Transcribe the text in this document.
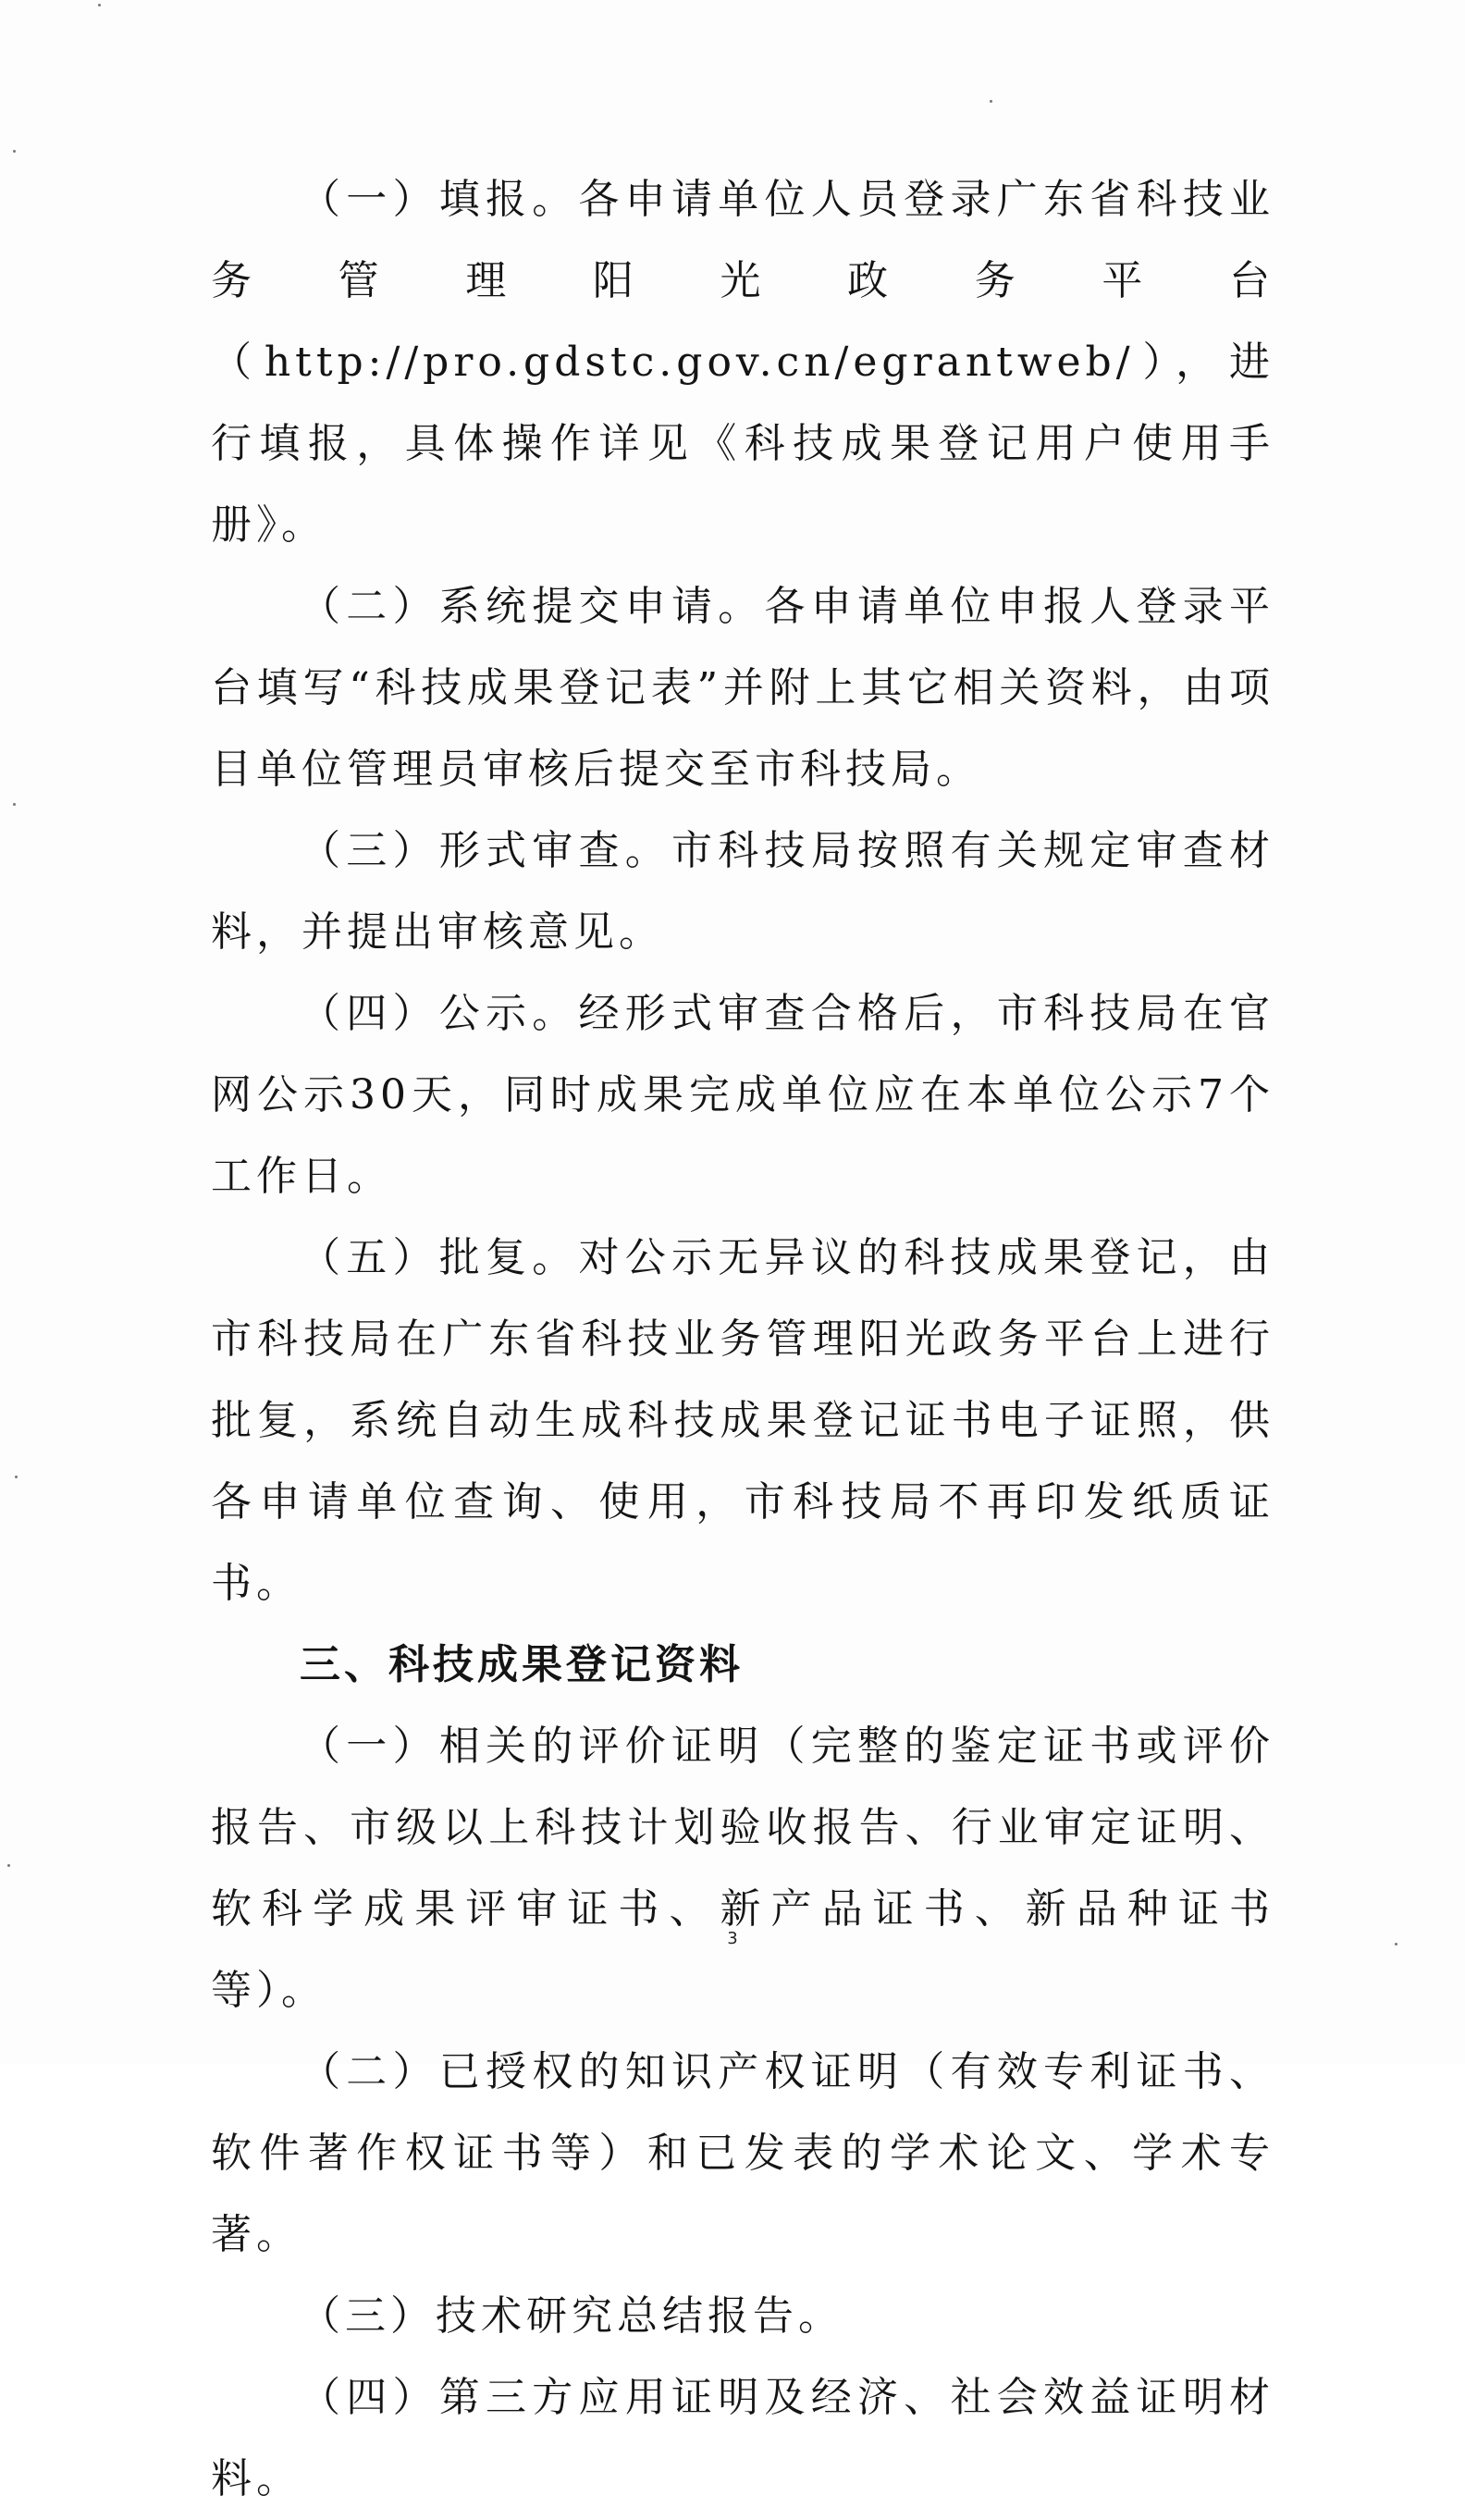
（一）填报。各申请单位人员登录广东省科技业务管理阳光政务平台（http://pro.gdstc.gov.cn/egrantweb/），进行填报，具体操作详见《科技成果登记用户使用手册》。

（二）系统提交申请。各申请单位申报人登录平台填写“科技成果登记表”并附上其它相关资料，由项目单位管理员审核后提交至市科技局。

（三）形式审查。市科技局按照有关规定审查材料，并提出审核意见。

（四）公示。经形式审查合格后，市科技局在官网公示30天，同时成果完成单位应在本单位公示7个工作日。

（五）批复。对公示无异议的科技成果登记，由市科技局在广东省科技业务管理阳光政务平台上进行批复，系统自动生成科技成果登记证书电子证照，供各申请单位查询、使用，市科技局不再印发纸质证书。

三、科技成果登记资料

（一）相关的评价证明（完整的鉴定证书或评价报告、市级以上科技计划验收报告、行业审定证明、软科学成果评审证书、新产品证书、新品种证书等）。

（二）已授权的知识产权证明（有效专利证书、软件著作权证书等）和已发表的学术论文、学术专著。

（三）技术研究总结报告。

（四）第三方应用证明及经济、社会效益证明材料。

3
